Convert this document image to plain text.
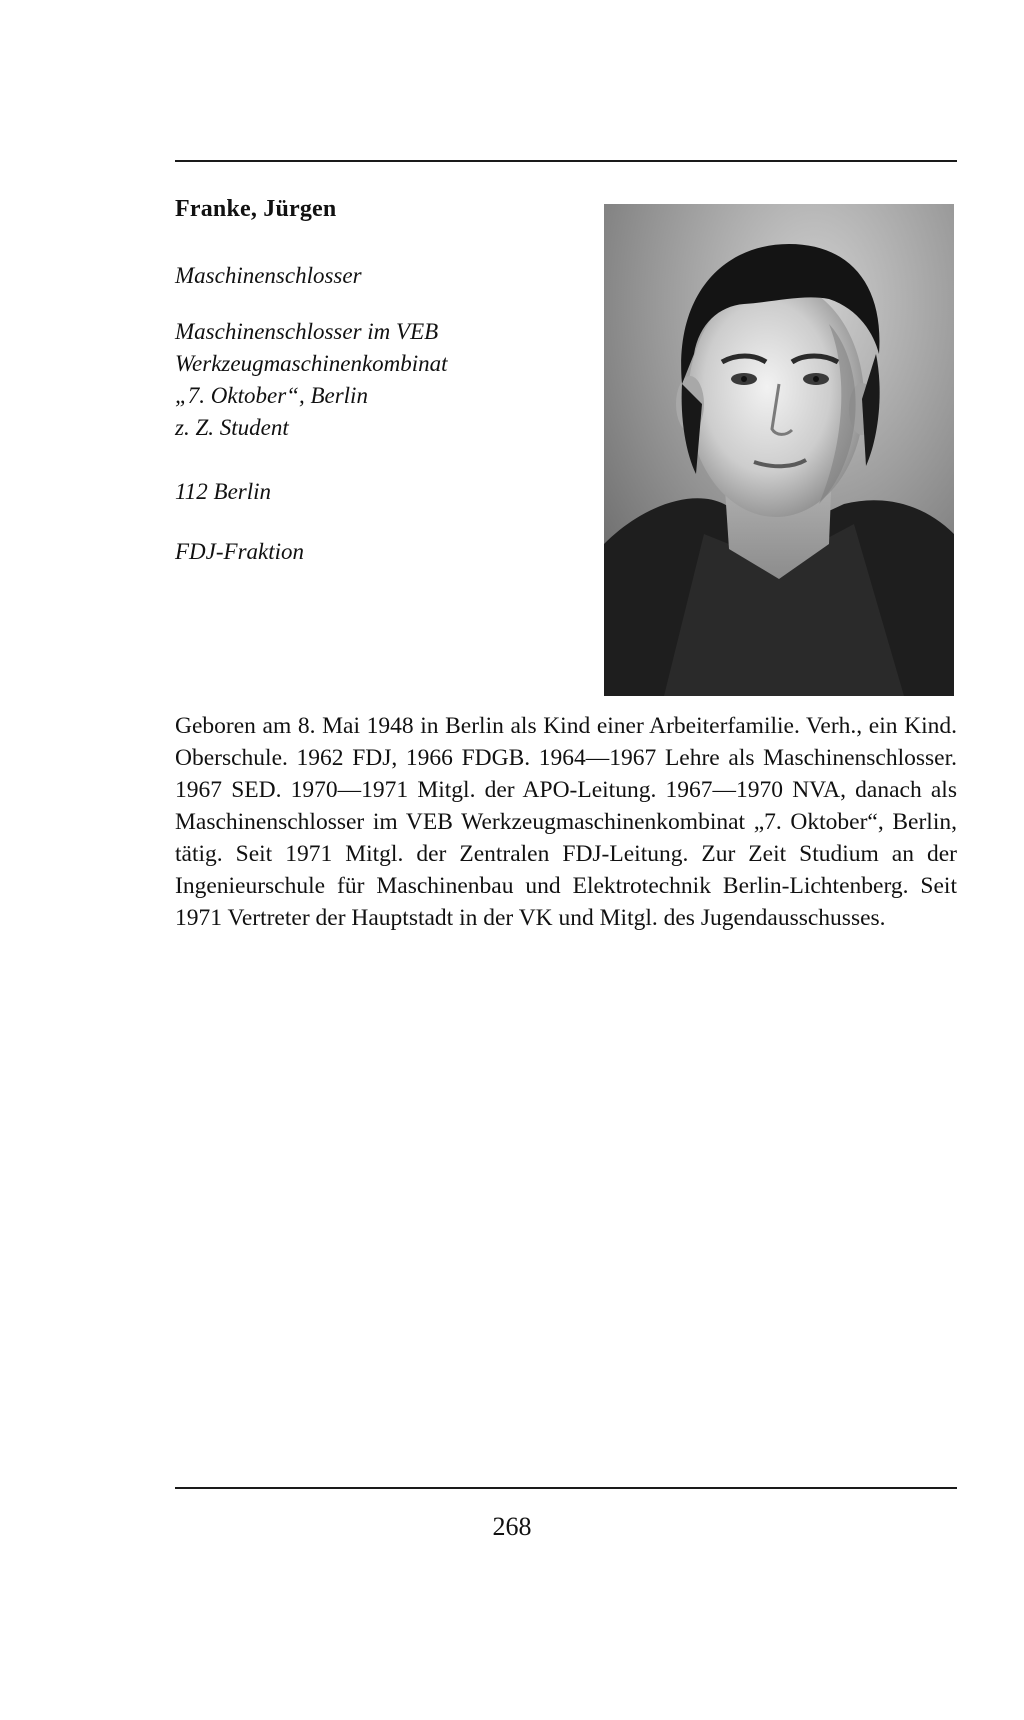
Franke, Jürgen
Maschinenschlosser
Maschinenschlosser im VEB
Werkzeugmaschinenkombinat
„7. Oktober“, Berlin
z. Z. Student
112 Berlin
FDJ-Fraktion
Geboren am 8. Mai 1948 in Berlin als Kind einer Arbeiterfamilie. Verh., ein Kind. Oberschule. 1962 FDJ, 1966 FDGB. 1964—1967 Lehre als Maschinenschlosser. 1967 SED. 1970—1971 Mitgl. der APO-Leitung. 1967—1970 NVA, danach als Maschinenschlosser im VEB Werkzeugmaschinenkombinat „7. Oktober“, Berlin, tätig. Seit 1971 Mitgl. der Zentralen FDJ-Leitung. Zur Zeit Studium an der Ingenieurschule für Maschinenbau und Elektrotechnik Berlin-Lichtenberg. Seit 1971 Vertreter der Hauptstadt in der VK und Mitgl. des Jugendausschusses.
268
